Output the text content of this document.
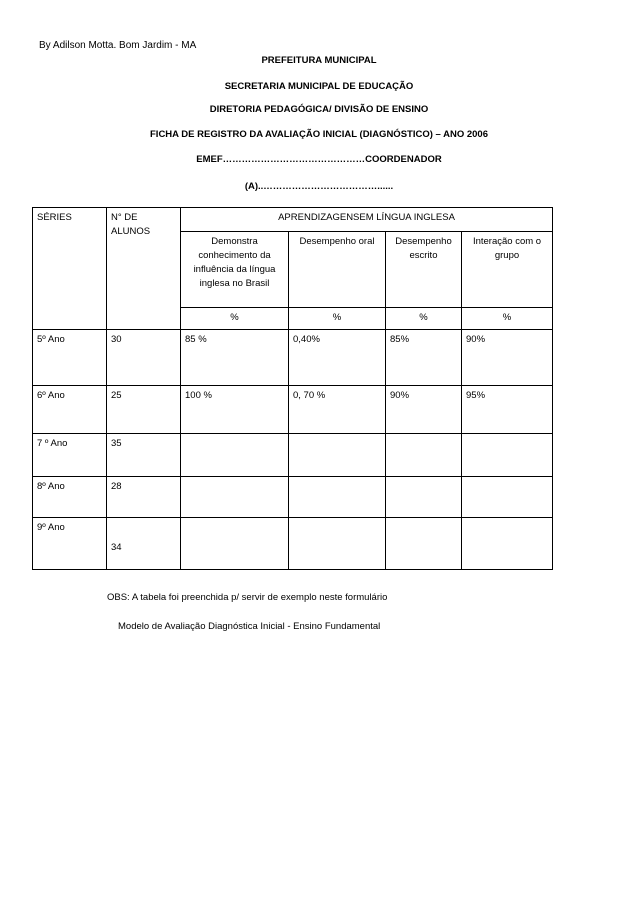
By Adilson Motta. Bom Jardim - MA
PREFEITURA MUNICIPAL
SECRETARIA MUNICIPAL DE EDUCAÇÃO
DIRETORIA PEDAGÓGICA/ DIVISÃO DE ENSINO
FICHA DE REGISTRO DA AVALIAÇÃO INICIAL (DIAGNÓSTICO) – ANO 2006
EMEF………………………………………COORDENADOR
(A)..………………………………......
SÉRIES	N° DE ALUNOS	APRENDIZAGENSEM LÍNGUA INGLESA			
		Demonstra conhecimento da influência da língua inglesa no Brasil	Desempenho oral	Desempenho escrito	Interação com o grupo
		%	%	%	%
5º Ano	30	85 %	0,40%	85%	90%
6º Ano	25	100 %	0, 70 %	90%	95%
7 º Ano	35				
8º Ano	28				
9º Ano	34				
OBS: A tabela foi preenchida p/ servir de exemplo neste formulário
Modelo de Avaliação Diagnóstica Inicial - Ensino Fundamental
